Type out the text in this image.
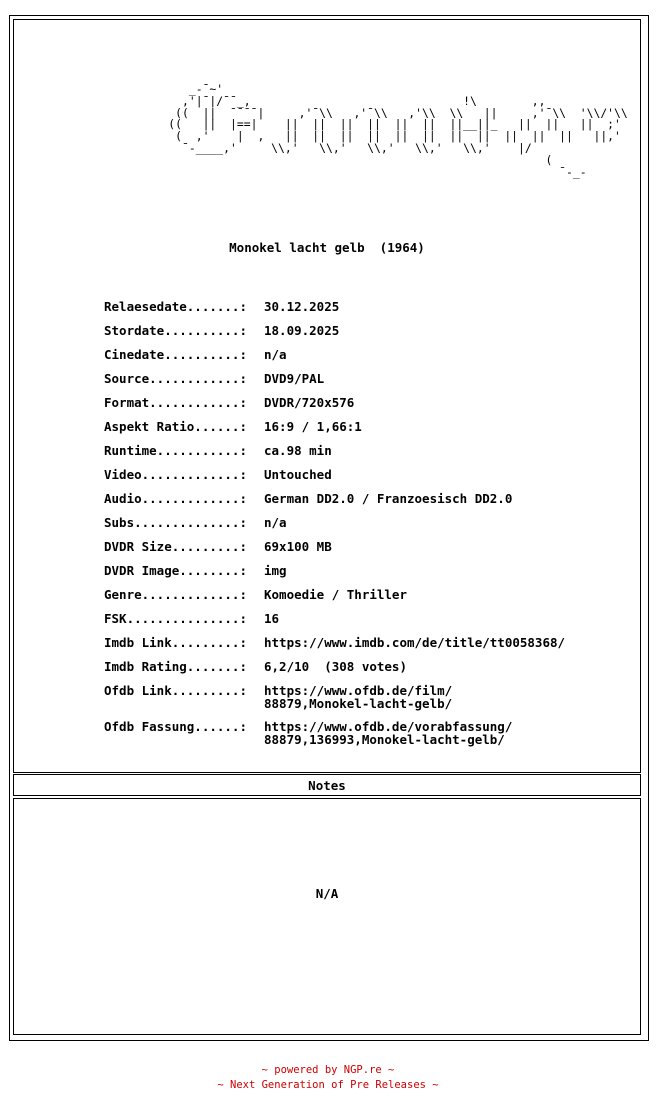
_-¯~'
,'|¯|/¯¯_,                               !\        ,,
((  ||  ¯¯¯¯|     ,'¯\\   ,'¯\\   ,'\\  \\   ||     ,'¯\\  '\\/'\\
((   ||  |==|    ||  ||  ||  ||  ||  ||  ||__||_   ||  ||   ||  ;'
(  ,'    |  ,   ||  ||  ||  ||  ||  ||  ||  ||  ||  ||  ||   ||,'
¯-____,'     \\,'   \\,'   \\,'   \\,'   \\,'    |/
(
¯-_-
Monokel lacht gelb  (1964)
Relaesedate.......:	30.12.2025
Stordate..........:	18.09.2025
Cinedate..........:	n/a
Source............:	DVD9/PAL
Format............:	DVDR/720x576
Aspekt Ratio......:	16:9 / 1,66:1
Runtime...........:	ca.98 min
Video.............:	Untouched
Audio.............:	German DD2.0 / Franzoesisch DD2.0
Subs..............:	n/a
DVDR Size.........:	69x100 MB
DVDR Image........:	img
Genre.............:	Komoedie / Thriller
FSK...............:	16
Imdb Link.........:	https://www.imdb.com/de/title/tt0058368/
Imdb Rating.......:	6,2/10  (308 votes)
Ofdb Link.........:	https://www.ofdb.de/film/
88879,Monokel-lacht-gelb/
Ofdb Fassung......:	https://www.ofdb.de/vorabfassung/
88879,136993,Monokel-lacht-gelb/
Notes
N/A
~ powered by NGP.re ~
~ Next Generation of Pre Releases ~
